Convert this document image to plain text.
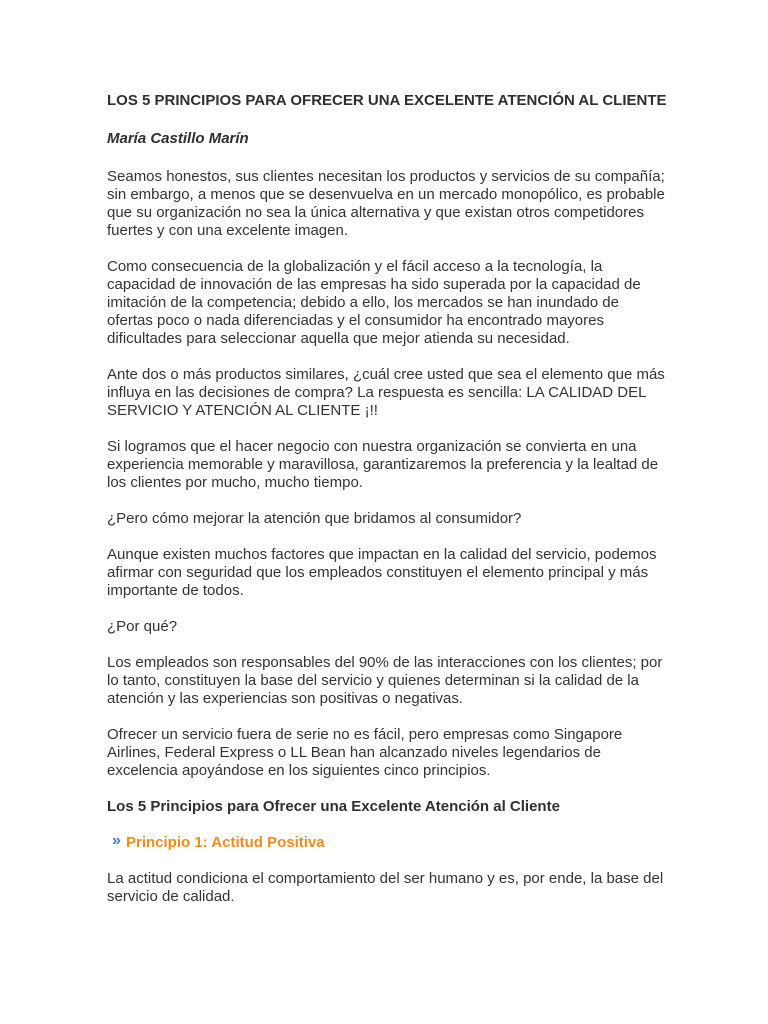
LOS 5 PRINCIPIOS PARA OFRECER UNA EXCELENTE ATENCIÓN AL CLIENTE
María Castillo Marín

Seamos honestos, sus clientes necesitan los productos y servicios de su compañía; sin embargo, a menos que se desenvuelva en un mercado monopólico, es probable que su organización no sea la única alternativa y que existan otros competidores fuertes y con una excelente imagen.

Como consecuencia de la globalización y el fácil acceso a la tecnología, la capacidad de innovación de las empresas ha sido superada por la capacidad de imitación de la competencia; debido a ello, los mercados se han inundado de ofertas poco o nada diferenciadas y el consumidor ha encontrado mayores dificultades para seleccionar aquella que mejor atienda su necesidad.

Ante dos o más productos similares, ¿cuál cree usted que sea el elemento que más influya en las decisiones de compra? La respuesta es sencilla: LA CALIDAD DEL SERVICIO Y ATENCIÓN AL CLIENTE ¡!!

Si logramos que el hacer negocio con nuestra organización se convierta en una experiencia memorable y maravillosa, garantizaremos la preferencia y la lealtad de los clientes por mucho, mucho tiempo.

¿Pero cómo mejorar la atención que bridamos al consumidor?

Aunque existen muchos factores que impactan en la calidad del servicio, podemos afirmar con seguridad que los empleados constituyen el elemento principal y más importante de todos.

¿Por qué?

Los empleados son responsables del 90% de las interacciones con los clientes; por lo tanto, constituyen la base del servicio y quienes determinan si la calidad de la atención y las experiencias son positivas o negativas.

Ofrecer un servicio fuera de serie no es fácil, pero empresas como Singapore Airlines, Federal Express o LL Bean han alcanzado niveles legendarios de excelencia apoyándose en los siguientes cinco principios.

Los 5 Principios para Ofrecer una Excelente Atención al Cliente
» Principio 1: Actitud Positiva

La actitud condiciona el comportamiento del ser humano y es, por ende, la base del servicio de calidad.
